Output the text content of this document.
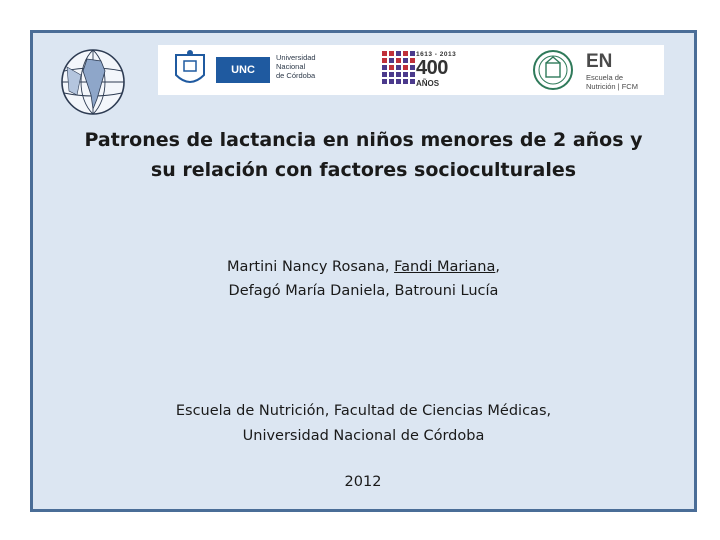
UNC
Universidad
Nacional
de Córdoba
1613 - 2013
400
AÑOS
EN
Escuela de
Nutrición | FCM
Patrones de lactancia en niños menores de 2 años y
su relación con factores socioculturales
Martini Nancy Rosana, Fandi Mariana,
Defagó María Daniela, Batrouni Lucía
Escuela de Nutrición, Facultad de Ciencias Médicas,
Universidad Nacional de Córdoba
2012
